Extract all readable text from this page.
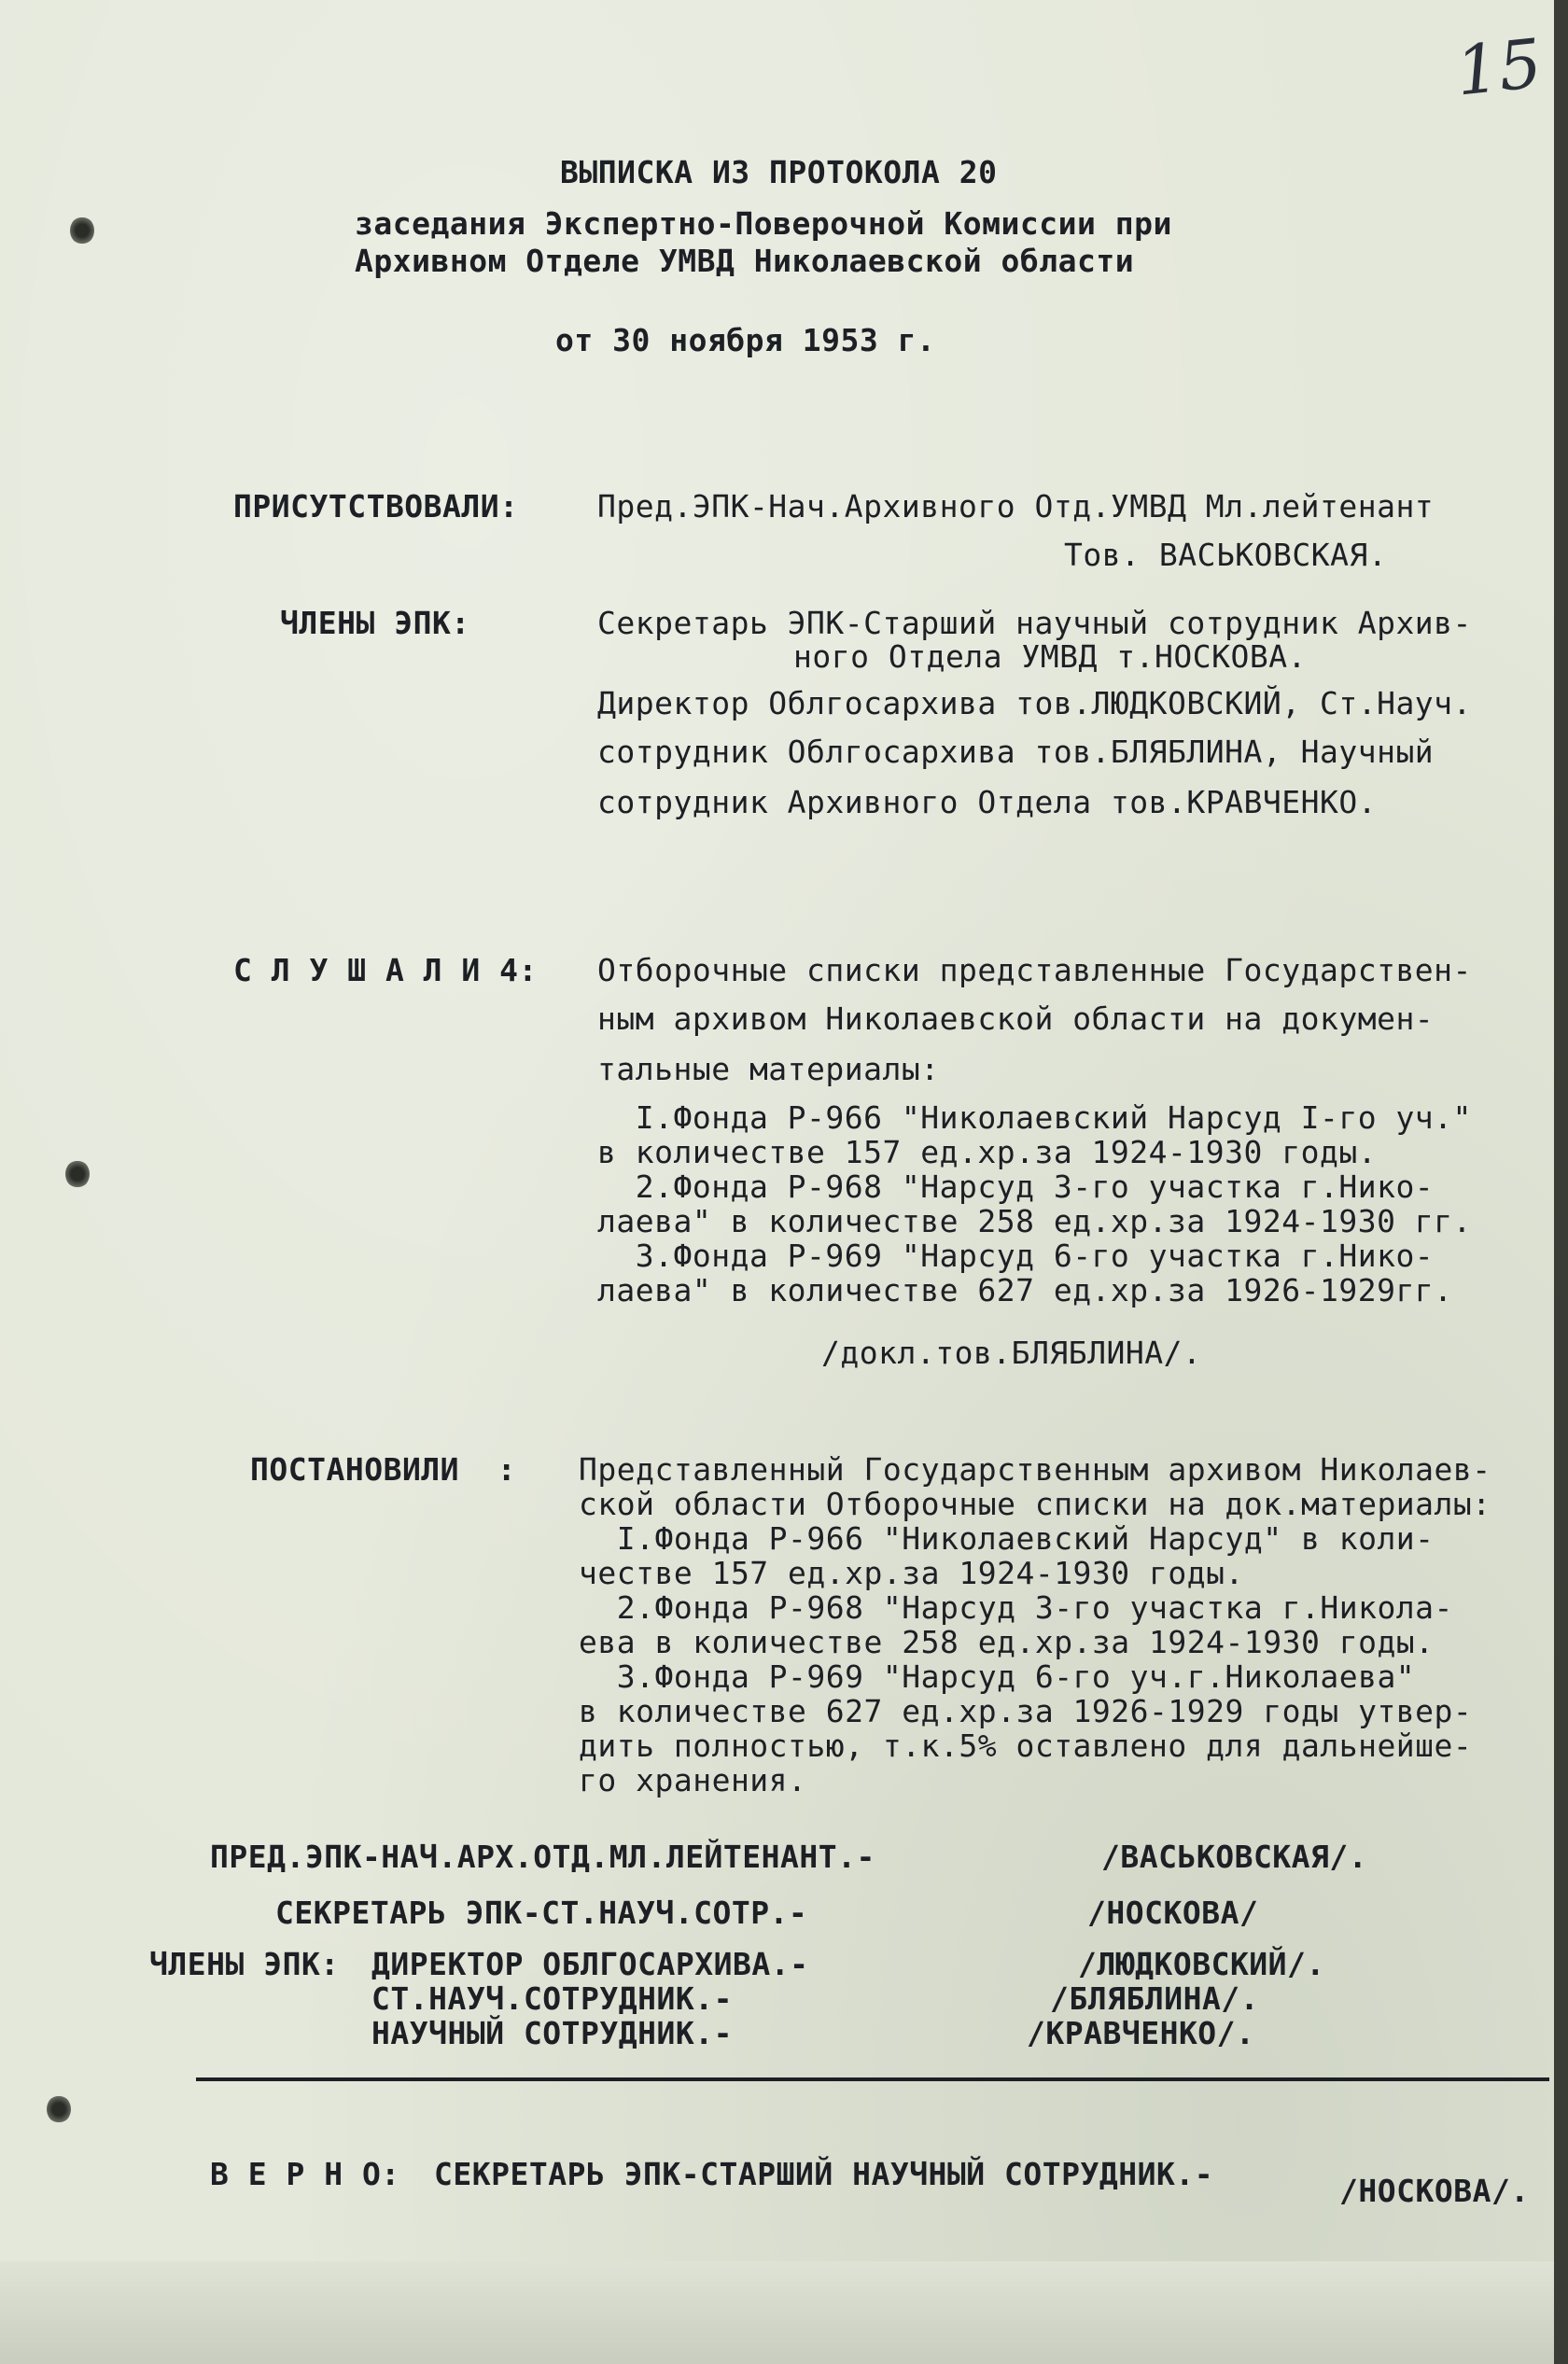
15
ВЫПИСКА ИЗ ПРОТОКОЛА 20
заседания Экспертно-Поверочной Комиссии при
Архивном Отделе УМВД Николаевской области
от 30 ноября 1953 г.
ПРИСУТСТВОВАЛИ:	Пред.ЭПК-Нач.Архивного Отд.УМВД Мл.лейтенант
Тов. ВАСЬКОВСКАЯ.
ЧЛЕНЫ ЭПК:	Секретарь ЭПК-Старший научный сотрудник Архив-
ного Отдела УМВД т.НОСКОВА.
Директор Облгосархива тов.ЛЮДКОВСКИЙ, Ст.Науч.
сотрудник Облгосархива тов.БЛЯБЛИНА, Научный
сотрудник Архивного Отдела тов.КРАВЧЕНКО.
С Л У Ш А Л И 4: Отборочные списки представленные Государствен-
ным архивом Николаевской области на докумен-
тальные материалы:
I.Фонда Р-966 "Николаевский Нарсуд I-го уч."
в количестве 157 ед.хр.за 1924-1930 годы.
2.Фонда Р-968 "Нарсуд 3-го участка г.Нико-
лаева" в количестве 258 ед.хр.за 1924-1930 гг.
3.Фонда Р-969 "Нарсуд 6-го участка г.Нико-
лаева" в количестве 627 ед.хр.за 1926-1929гг.
/докл.тов.БЛЯБЛИНА/.
ПОСТАНОВИЛИ  : Представленный Государственным архивом Николаев-
ской области Отборочные списки на док.материалы:
I.Фонда Р-966 "Николаевский Нарсуд" в коли-
честве 157 ед.хр.за 1924-1930 годы.
2.Фонда Р-968 "Нарсуд 3-го участка г.Никола-
ева в количестве 258 ед.хр.за 1924-1930 годы.
3.Фонда Р-969 "Нарсуд 6-го уч.г.Николаева"
в количестве 627 ед.хр.за 1926-1929 годы утвер-
дить полностью, т.к.5% оставлено для дальнейше-
го хранения.
ПРЕД.ЭПК-НАЧ.АРХ.ОТД.МЛ.ЛЕЙТЕНАНТ.-	/ВАСЬКОВСКАЯ/.
СЕКРЕТАРЬ ЭПК-СТ.НАУЧ.СОТР.-	/НОСКОВА/
ЧЛЕНЫ ЭПК: ДИРЕКТОР ОБЛГОСАРХИВА.-	/ЛЮДКОВСКИЙ/.
СТ.НАУЧ.СОТРУДНИК.-	/БЛЯБЛИНА/.
НАУЧНЫЙ СОТРУДНИК.-	/КРАВЧЕНКО/.
В Е Р Н О: СЕКРЕТАРЬ ЭПК-СТАРШИЙ НАУЧНЫЙ СОТРУДНИК.-	/НОСКОВА/.
